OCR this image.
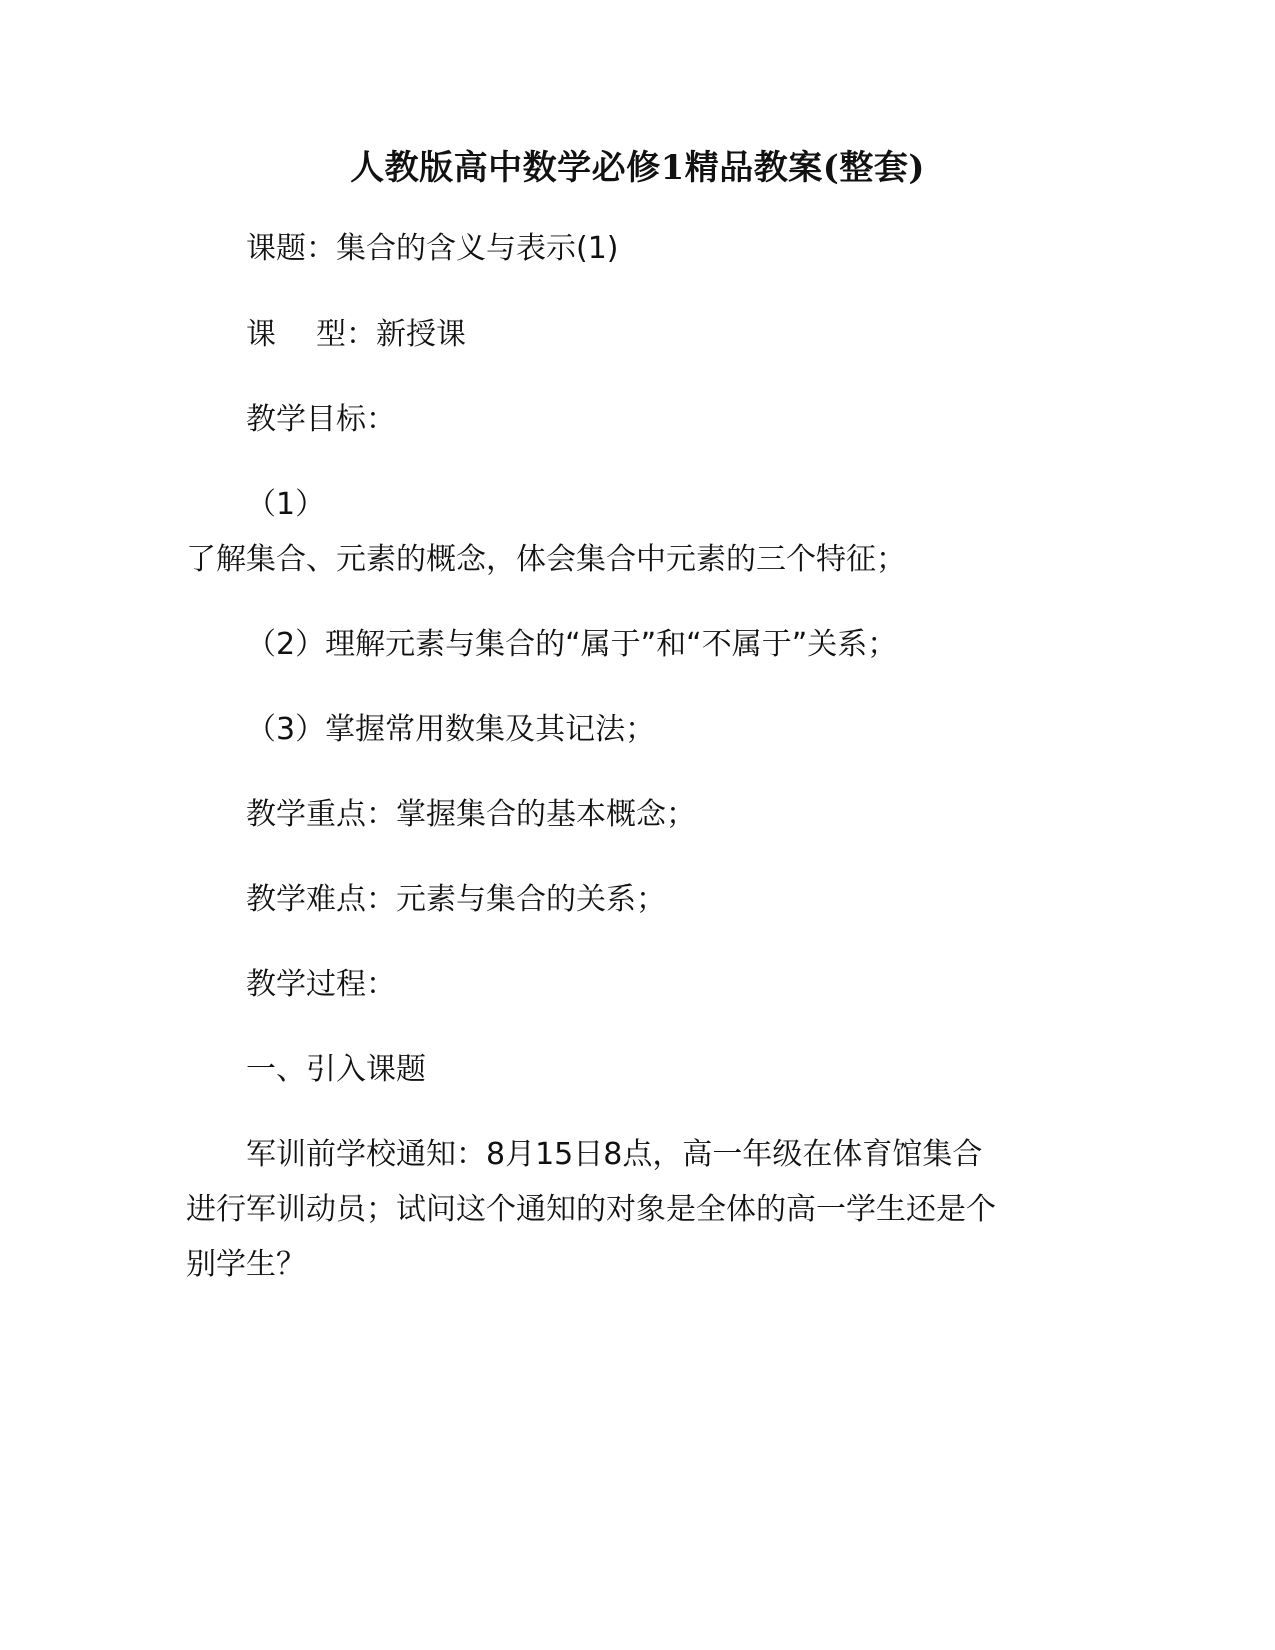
人教版高中数学必修1精品教案(整套)
课题：集合的含义与表示(1)
课 型：新授课
教学目标：
（1）
了解集合、元素的概念，体会集合中元素的三个特征；
（2）理解元素与集合的“属于”和“不属于”关系；
（3）掌握常用数集及其记法；
教学重点：掌握集合的基本概念；
教学难点：元素与集合的关系；
教学过程：
一、引入课题
军训前学校通知：8月15日8点，高一年级在体育馆集合
进行军训动员；试问这个通知的对象是全体的高一学生还是个
别学生？
